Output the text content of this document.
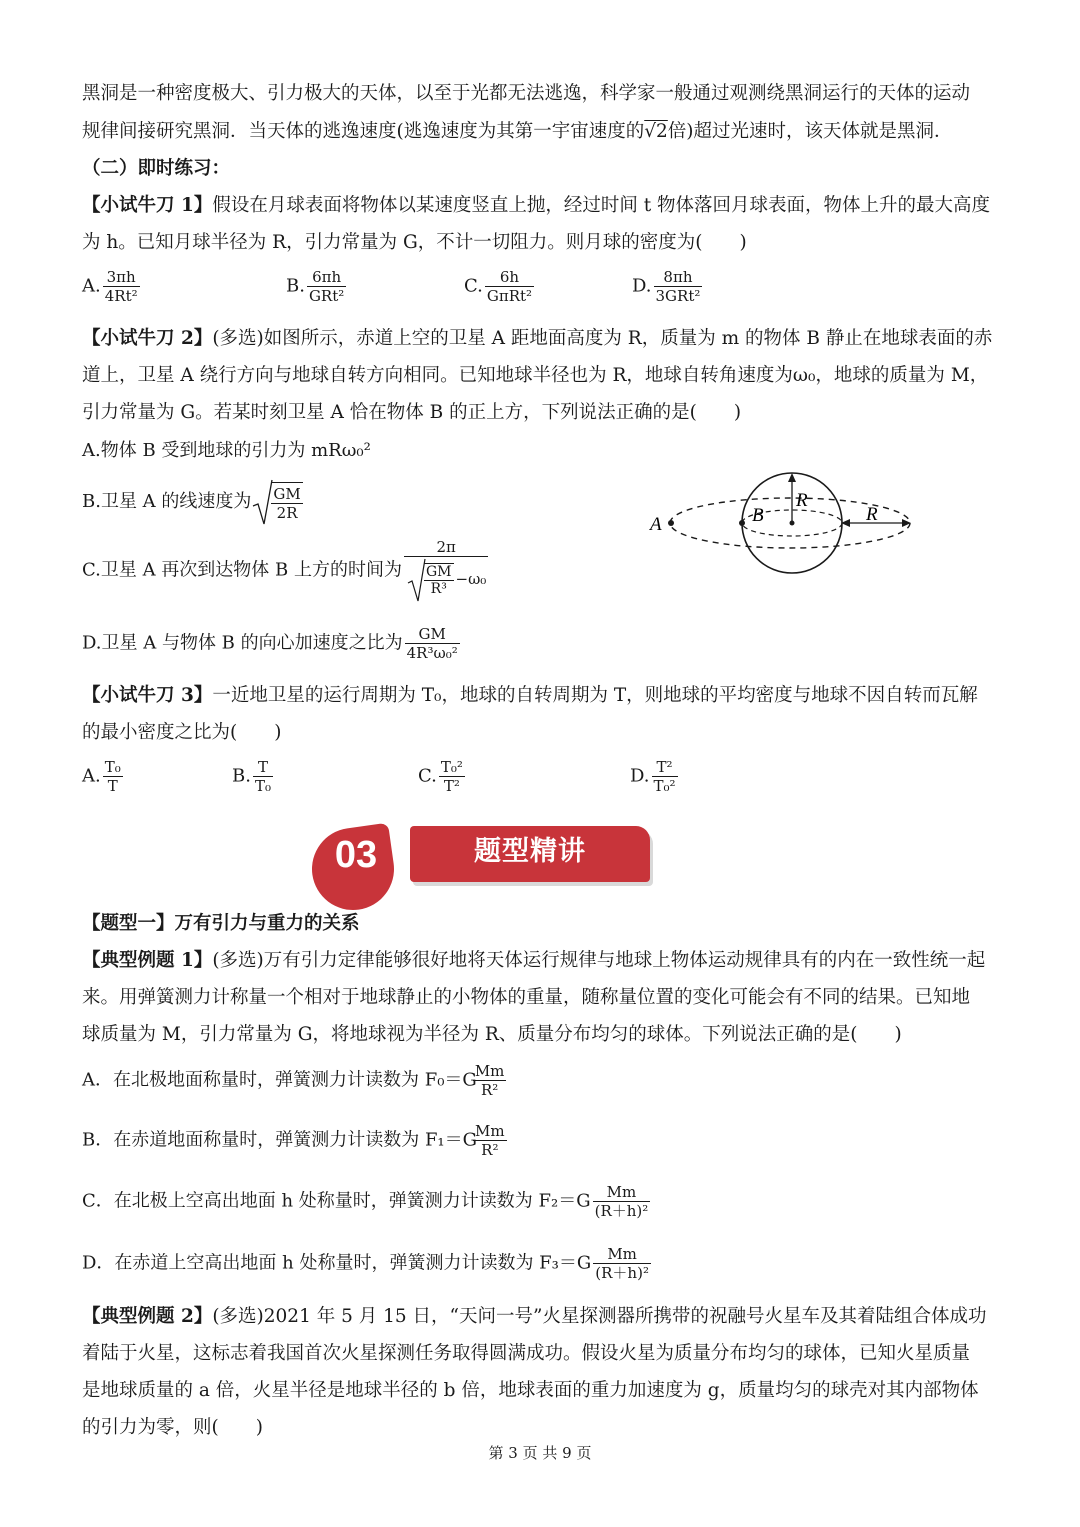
黑洞是一种密度极大、引力极大的天体，以至于光都无法逃逸，科学家一般通过观测绕黑洞运行的天体的运动
规律间接研究黑洞．当天体的逃逸速度(逃逸速度为其第一宇宙速度的√2倍)超过光速时，该天体就是黑洞．
（二）即时练习：
【小试牛刀 1】假设在月球表面将物体以某速度竖直上抛，经过时间 t 物体落回月球表面，物体上升的最大高度
为 h。已知月球半径为 R，引力常量为 G，不计一切阻力。则月球的密度为(　　)
A. $\frac{3\pi h}{\text{4Rt²}}$	B. $\frac{6\pi h}{\text{GRt²}}$	C. $\frac{6h}{\text{GπRt²}}$	D. $\frac{8\pi h}{\text{3GRt²}}$
【小试牛刀 2】(多选)如图所示，赤道上空的卫星 A 距地面高度为 R，质量为 m 的物体 B 静止在地球表面的赤
道上，卫星 A 绕行方向与地球自转方向相同。已知地球半径也为 R，地球自转角速度为ω₀，地球的质量为 M，
引力常量为 G。若某时刻卫星 A 恰在物体 B 的正上方，下列说法正确的是(　　)
A.物体 B 受到地球的引力为 mRω₀²
B.卫星 A 的线速度为 $\frac{GM}{2R}$
C.卫星 A 再次到达物体 B 上方的时间为 $\frac{2\pi}{\frac{GM}{\text{R³}} -\omega_0}$
D.卫星 A 与物体 B 的向心加速度之比为 $\frac{GM}{\text{4R³ω₀²}}$
A	B
R
R
【小试牛刀 3】一近地卫星的运行周期为 T₀，地球的自转周期为 T，则地球的平均密度与地球不因自转而瓦解
的最小密度之比为(　　)
A. $\frac{\text{T₀}}{T}$	B. $\frac{T}{\text{T₀}}$	C. $\frac{\text{T₀²}}{\text{T²}}$	D. $\frac{\text{T²}}{\text{T₀²}}$
03	题型精讲
【题型一】万有引力与重力的关系
【典型例题 1】(多选)万有引力定律能够很好地将天体运行规律与地球上物体运动规律具有的内在一致性统一起
来。用弹簧测力计称量一个相对于地球静止的小物体的重量，随称量位置的变化可能会有不同的结果。已知地
球质量为 M，引力常量为 G，将地球视为半径为 R、质量分布均匀的球体。下列说法正确的是(　　)
A．在北极地面称量时，弹簧测力计读数为 F₀＝G
$\frac{Mm}{\text{R²}}$
B．在赤道地面称量时，弹簧测力计读数为 F₁＝G
$\frac{Mm}{\text{R²}}$
C．在北极上空高出地面 h 处称量时，弹簧测力计读数为 $F_2=G \frac{Mm}{\text{(R＋h)²}}$
D．在赤道上空高出地面 h 处称量时，弹簧测力计读数为 $F_3=G \frac{Mm}{\text{(R＋h)²}}$
【典型例题 2】(多选)2021 年 5 月 15 日，“天问一号”火星探测器所携带的祝融号火星车及其着陆组合体成功
着陆于火星，这标志着我国首次火星探测任务取得圆满成功。假设火星为质量分布均匀的球体，已知火星质量
是地球质量的 a 倍，火星半径是地球半径的 b 倍，地球表面的重力加速度为 g，质量均匀的球壳对其内部物体
的引力为零，则(　　)
第 3 页 共 9 页
